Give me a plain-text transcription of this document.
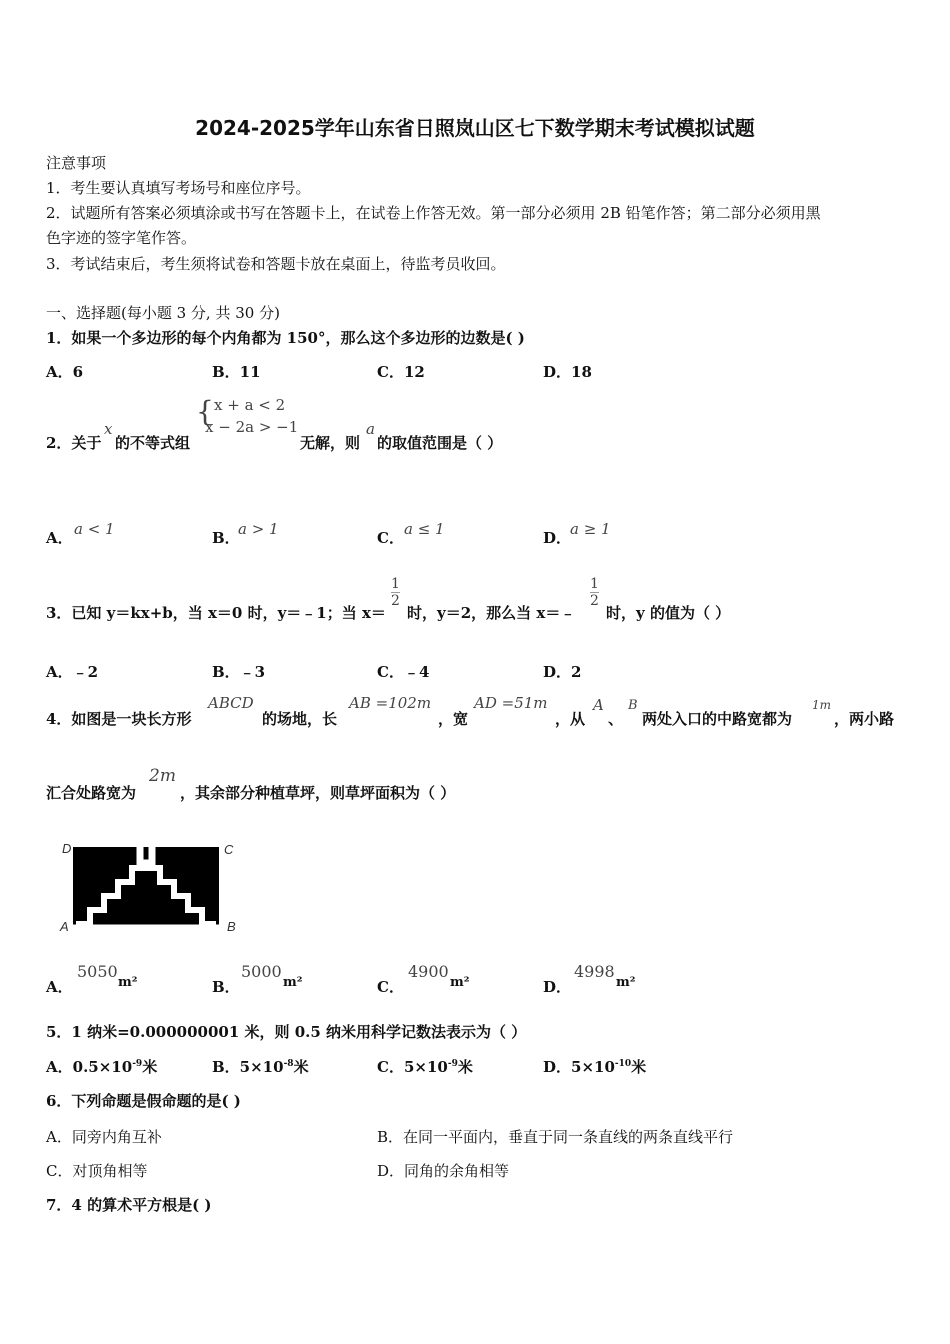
2024-2025学年山东省日照岚山区七下数学期末考试模拟试题
注意事项
1．考生要认真填写考场号和座位序号。
2．试题所有答案必须填涂或书写在答题卡上，在试卷上作答无效。第一部分必须用 2B 铅笔作答；第二部分必须用黑
色字迹的签字笔作答。
3．考试结束后，考生须将试卷和答题卡放在桌面上，待监考员收回。
一、选择题(每小题 3 分, 共 30 分)
1．如果一个多边形的每个内角都为 150°，那么这个多边形的边数是( )
A．6	B．11	C．12	D．18
2．关于
x
的不等式组
{ x + a < 2
x − 2a > −1
无解，则
a
的取值范围是（ ）
A． a < 1	B．
a > 1	C． a ≤ 1	D．
a ≥ 1
3．已知 y＝kx+b，当 x＝0 时，y＝﹣1；当 x＝
$\frac{1}{2}$
时，y＝2，那么当 x＝﹣
$\frac{1}{2}$
时，y 的值为（ ）
A．﹣2	B．﹣3	C．﹣4	D．2
4．如图是一块长方形
ABCD
的场地，长
AB =102m
，宽
AD =51m
，从
A
、
B
两处入口的中路宽都为
1m
，两小路
汇合处路宽为
2m
，其余部分种植草坪，则草坪面积为（ ）
D	C
A	B
A．
5050
m²	B．
5000
m²	C．
4900
m²	D．
4998
m²
5．1 纳米=0.000000001 米，则 0.5 纳米用科学记数法表示为（ ）
A．$0.5\times 10^{-9}$米	B．$5\times 10^{-8}$米	C．$5\times 10^{-9}$米	D．$5\times 10^{-10}$米
6．下列命题是假命题的是( )
A．同旁内角互补	B．在同一平面内，垂直于同一条直线的两条直线平行
C．对顶角相等	D．同角的余角相等
7．4 的算术平方根是( )
